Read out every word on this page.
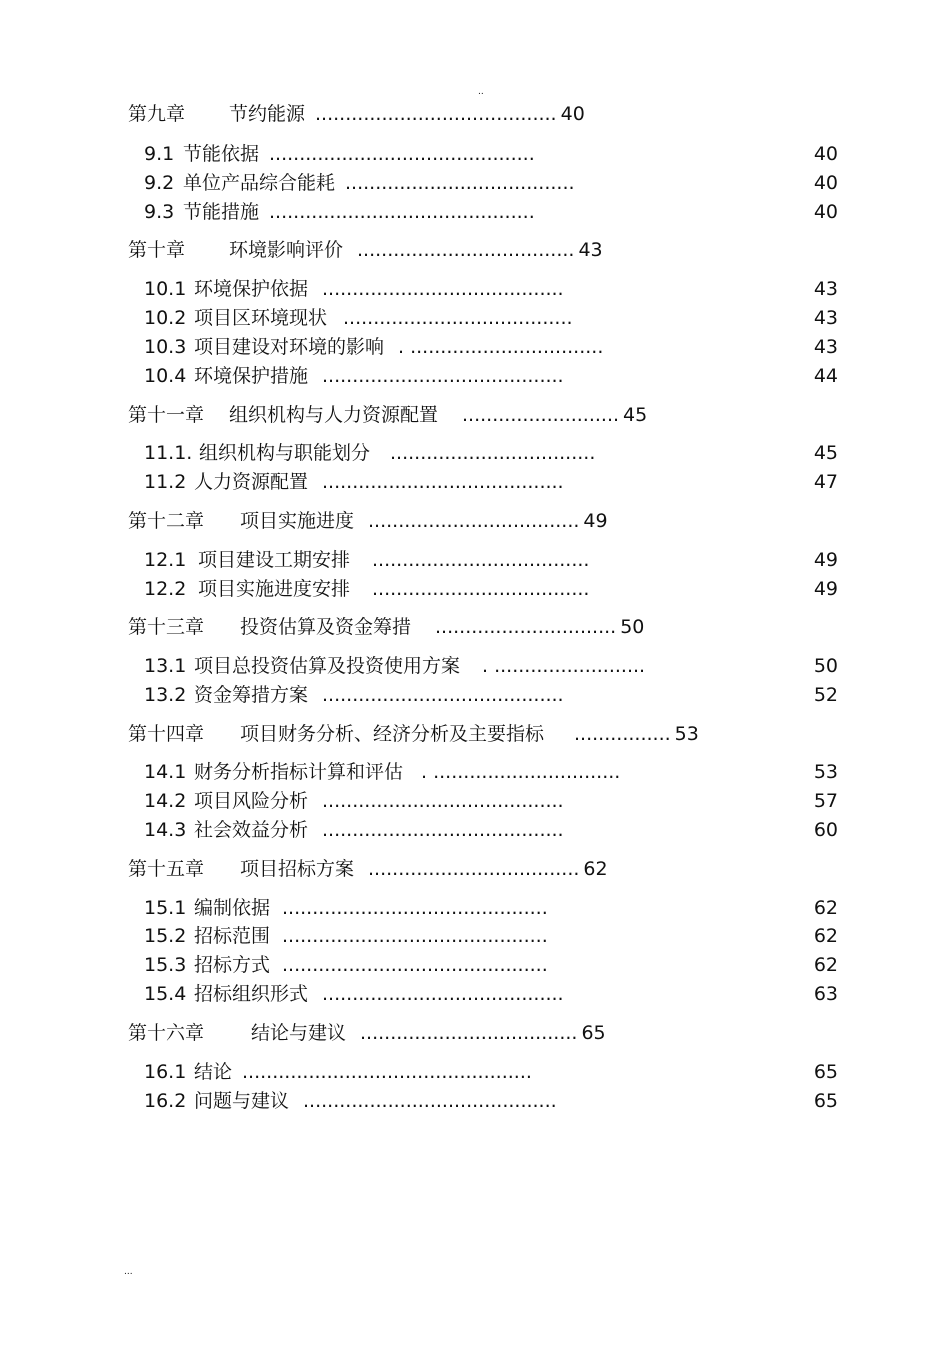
..
第九章 节约能源 ........................................ 40
9.1 节能依据 ............................................	40
9.2 单位产品综合能耗 ......................................	40
9.3 节能措施 ............................................	40
第十章 环境影响评价 .................................... 43
10.1 环境保护依据 ........................................	43
10.2 项目区环境现状 ......................................	43
10.3 项目建设对环境的影响 . ................................	43
10.4 环境保护措施 ........................................	44
第十一章 组织机构与人力资源配置 .......................... 45
11.1. 组织机构与职能划分 ..................................	45
11.2 人力资源配置 ........................................	47
第十二章 项目实施进度 ................................... 49
12.1 项目建设工期安排 ....................................	49
12.2 项目实施进度安排 ....................................	49
第十三章 投资估算及资金筹措 .............................. 50
13.1 项目总投资估算及投资使用方案 . .........................	50
13.2 资金筹措方案 ........................................	52
第十四章 项目财务分析、经济分析及主要指标 ................ 53
14.1 财务分析指标计算和评估 . ...............................	53
14.2 项目风险分析 ........................................	57
14.3 社会效益分析 ........................................	60
第十五章 项目招标方案 ................................... 62
15.1 编制依据 ............................................	62
15.2 招标范围 ............................................	62
15.3 招标方式 ............................................	62
15.4 招标组织形式 ........................................	63
第十六章 结论与建议 .................................... 65
16.1 结论 ................................................	65
16.2 问题与建议 ..........................................	65
...
